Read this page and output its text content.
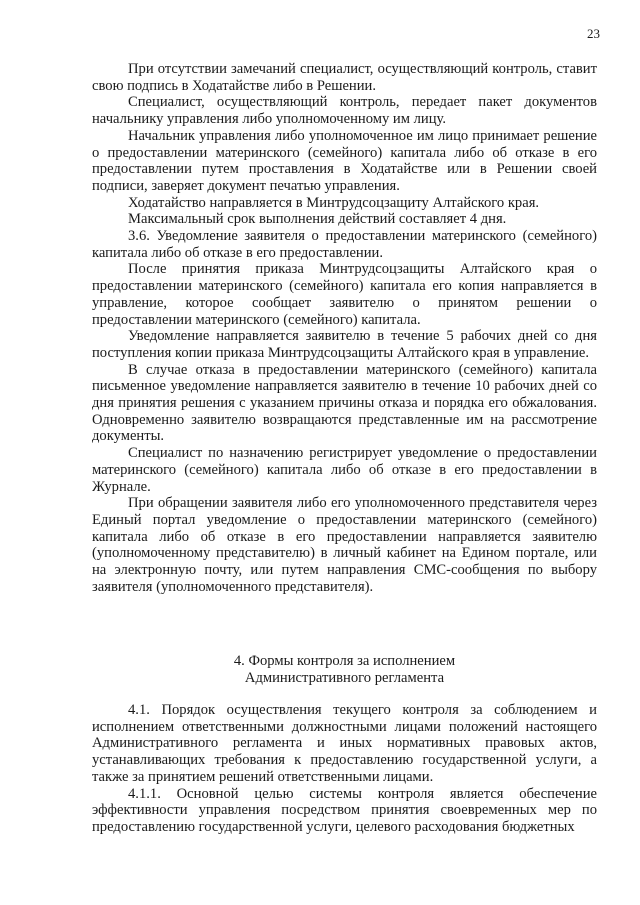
23

При отсутствии замечаний специалист, осуществляющий контроль, ставит свою подпись в Ходатайстве либо в Решении.

Специалист, осуществляющий контроль, передает пакет документов начальнику управления либо уполномоченному им лицу.

Начальник управления либо уполномоченное им лицо принимает решение о предоставлении материнского (семейного) капитала либо об отказе в его предоставлении путем проставления в Ходатайстве или в Решении своей подписи, заверяет документ печатью управления.

Ходатайство направляется в Минтрудсоцзащиту Алтайского края.

Максимальный срок выполнения действий составляет 4 дня.

3.6. Уведомление заявителя о предоставлении материнского (семейного) капитала либо об отказе в его предоставлении.

После принятия приказа Минтрудсоцзащиты Алтайского края о предоставлении материнского (семейного) капитала его копия направляется в управление, которое сообщает заявителю о принятом решении о предоставлении материнского (семейного) капитала.

Уведомление направляется заявителю в течение 5 рабочих дней со дня поступления копии приказа Минтрудсоцзащиты Алтайского края в управление.

В случае отказа в предоставлении материнского (семейного) капитала письменное уведомление направляется заявителю в течение 10 рабочих дней со дня принятия решения с указанием причины отказа и порядка его обжалования. Одновременно заявителю возвращаются представленные им на рассмотрение документы.

Специалист по назначению регистрирует уведомление о предоставлении материнского (семейного) капитала либо об отказе в его предоставлении в Журнале.

При обращении заявителя либо его уполномоченного представителя через Единый портал уведомление о предоставлении материнского (семейного) капитала либо об отказе в его предоставлении направляется заявителю (уполномоченному представителю) в личный кабинет на Едином портале, или на электронную почту, или путем направления СМС-сообщения по выбору заявителя (уполномоченного представителя).

4. Формы контроля за исполнением
Административного регламента

4.1. Порядок осуществления текущего контроля за соблюдением и исполнением ответственными должностными лицами положений настоящего Административного регламента и иных нормативных правовых актов, устанавливающих требования к предоставлению государственной услуги, а также за принятием решений ответственными лицами.

4.1.1. Основной целью системы контроля является обеспечение эффективности управления посредством принятия своевременных мер по предоставлению государственной услуги, целевого расходования бюджетных
